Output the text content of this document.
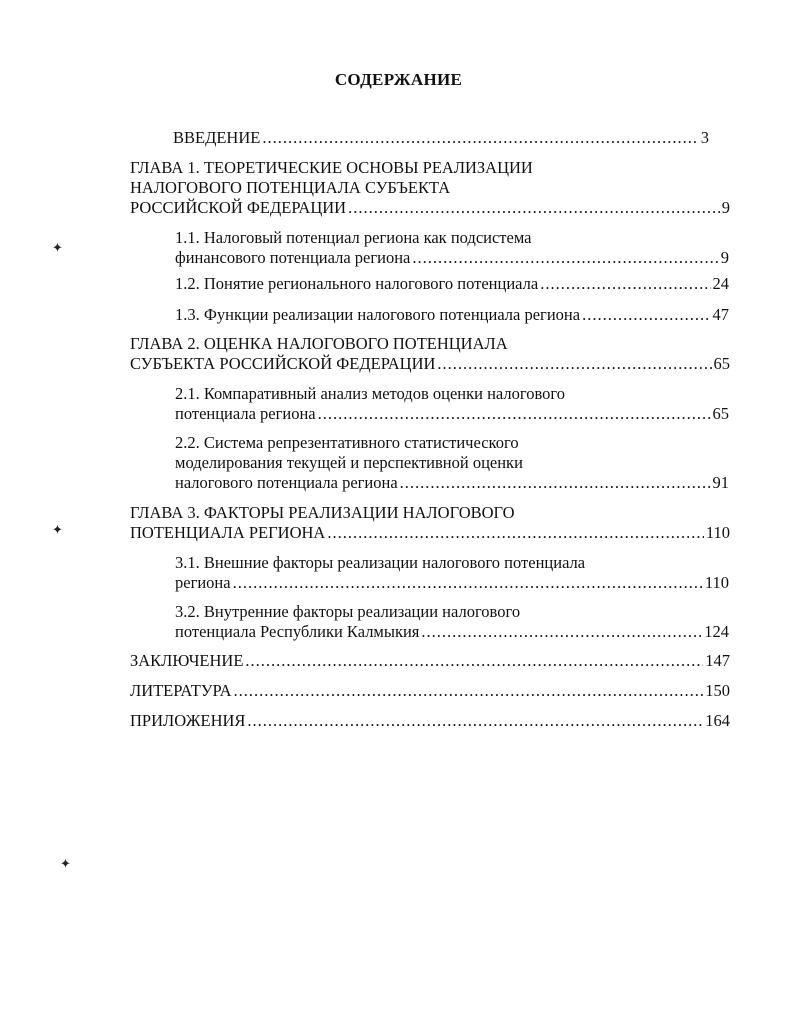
СОДЕРЖАНИЕ
ВВЕДЕНИЕ .....	3
ГЛАВА 1. ТЕОРЕТИЧЕСКИЕ ОСНОВЫ РЕАЛИЗАЦИИ
НАЛОГОВОГО ПОТЕНЦИАЛА СУБЪЕКТА
РОССИЙСКОЙ ФЕДЕРАЦИИ .....	9
1.1. Налоговый потенциал региона как подсистема
финансового потенциала региона .....	9
1.2. Понятие регионального налогового потенциала .....	24
1.3. Функции реализации налогового потенциала региона .....	47
ГЛАВА 2. ОЦЕНКА НАЛОГОВОГО ПОТЕНЦИАЛА
СУБЪЕКТА РОССИЙСКОЙ ФЕДЕРАЦИИ .....	65
2.1. Компаративный анализ методов оценки налогового
потенциала региона .....	65
2.2. Система репрезентативного статистического
моделирования текущей и перспективной оценки
налогового потенциала региона .....	91
ГЛАВА 3. ФАКТОРЫ РЕАЛИЗАЦИИ НАЛОГОВОГО
ПОТЕНЦИАЛА РЕГИОНА .....	110
3.1. Внешние факторы реализации налогового потенциала
региона .....	110
3.2. Внутренние факторы реализации налогового
потенциала Республики Калмыкия .....	124
ЗАКЛЮЧЕНИЕ .....	147
ЛИТЕРАТУРА .....	150
ПРИЛОЖЕНИЯ .....	164
✦
✦
✦
